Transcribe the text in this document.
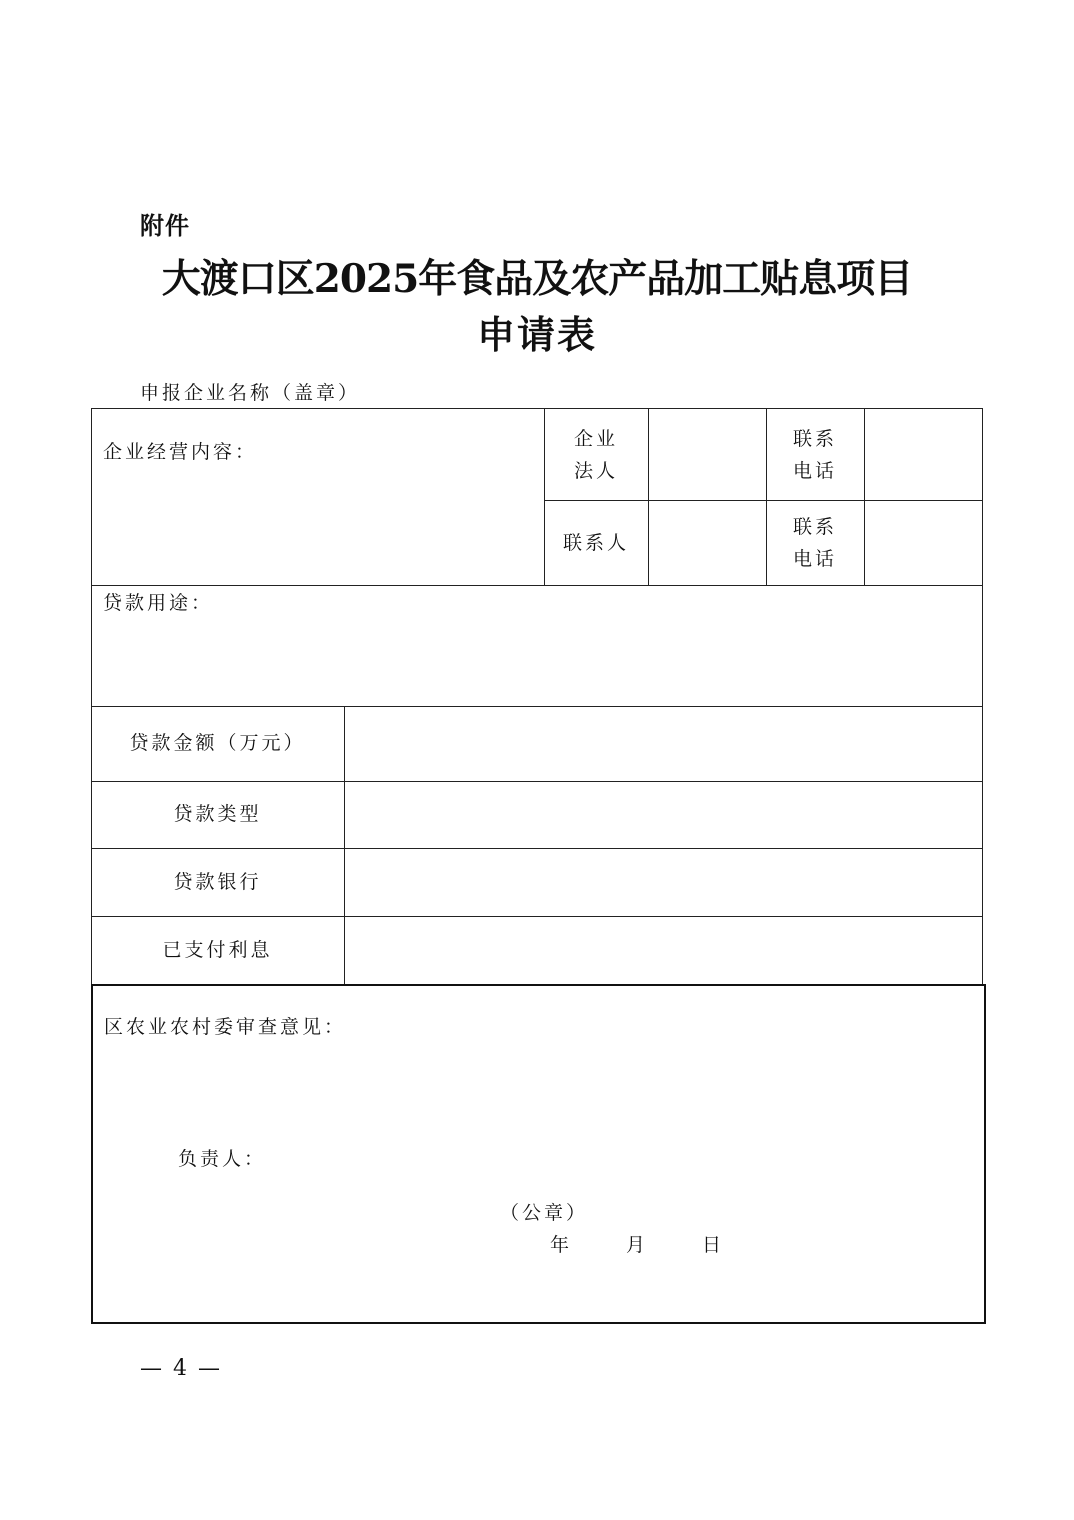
附件
大渡口区2025年食品及农产品加工贴息项目
申请表
申报企业名称（盖章）
企业经营内容：
企业
法人
联系
电话
联系人
联系
电话
贷款用途：
贷款金额（万元）
贷款类型
贷款银行
已支付利息
区农业农村委审查意见：
负责人：
（公章）
年	月	日
— 4 —
